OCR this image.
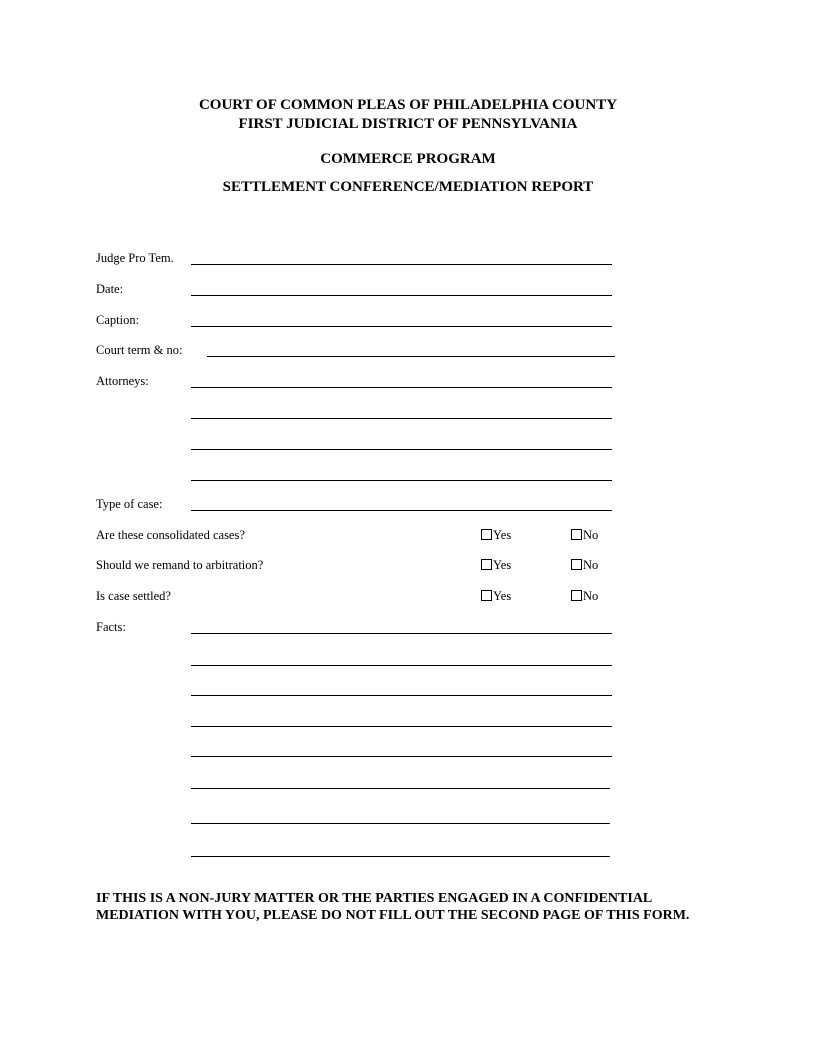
COURT OF COMMON PLEAS OF PHILADELPHIA COUNTY
FIRST JUDICIAL DISTRICT OF PENNSYLVANIA
COMMERCE PROGRAM
SETTLEMENT CONFERENCE/MEDIATION REPORT
Judge Pro Tem.
Date:
Caption:
Court term & no:
Attorneys:
Type of case:
Are these consolidated cases?	Yes	No
Should we remand to arbitration?	Yes	No
Is case settled?	Yes	No
Facts:
IF THIS IS A NON-JURY MATTER OR THE PARTIES ENGAGED IN A CONFIDENTIAL MEDIATION WITH YOU, PLEASE DO NOT FILL OUT THE SECOND PAGE OF THIS FORM.
